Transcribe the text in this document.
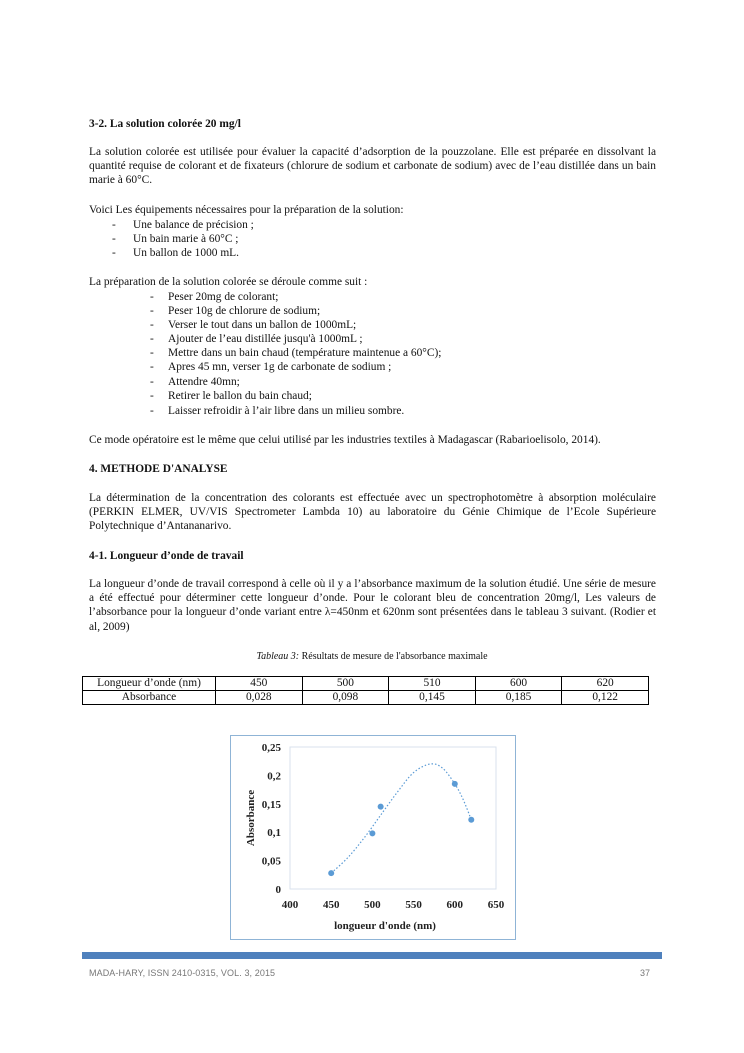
3-2. La solution colorée 20 mg/l
La solution colorée est utilisée pour évaluer la capacité d’adsorption de la pouzzolane. Elle est préparée en dissolvant la quantité requise de colorant et de fixateurs (chlorure de sodium et carbonate de sodium) avec de l’eau distillée dans un bain marie à 60°C.
Voici Les équipements nécessaires pour la préparation de la solution:
- Une balance de précision ;
- Un bain marie à 60°C ;
- Un ballon de 1000 mL.
La préparation de la solution colorée se déroule comme suit :
- Peser 20mg de colorant;
- Peser 10g de chlorure de sodium;
- Verser le tout dans un ballon de 1000mL;
- Ajouter de l’eau distillée jusqu'à 1000mL ;
- Mettre dans un bain chaud (température maintenue a 60°C);
- Apres 45 mn, verser 1g de carbonate de sodium ;
- Attendre 40mn;
- Retirer le ballon du bain chaud;
- Laisser refroidir à l’air libre dans un milieu sombre.
Ce mode opératoire est le même que celui utilisé par les industries textiles à Madagascar (Rabarioelisolo, 2014).
4. METHODE D'ANALYSE
La détermination de la concentration des colorants est effectuée avec un spectrophotomètre à absorption moléculaire (PERKIN ELMER, UV/VIS Spectrometer Lambda 10) au laboratoire du Génie Chimique de l’Ecole Supérieure Polytechnique d’Antananarivo.
4-1. Longueur d’onde de travail
La longueur d’onde de travail correspond à celle où il y a l’absorbance maximum de la solution étudié. Une série de mesure a été effectué pour déterminer cette longueur d’onde. Pour le colorant bleu de concentration 20mg/l, Les valeurs de l’absorbance pour la longueur d’onde variant entre λ=450nm et 620nm sont présentées dans le tableau 3 suivant. (Rodier et al, 2009)
Tableau 3: Résultats de mesure de l'absorbance maximale
Longueur d’onde (nm)	450	500	510	600	620
Absorbance	0,028	0,098	0,145	0,185	0,122
0
0,05
0,1
0,15
0,2
0,25
400 450 500 550 600 650
Absorbance
longueur d'onde (nm)
MADA-HARY, ISSN 2410-0315, VOL. 3, 2015	37
